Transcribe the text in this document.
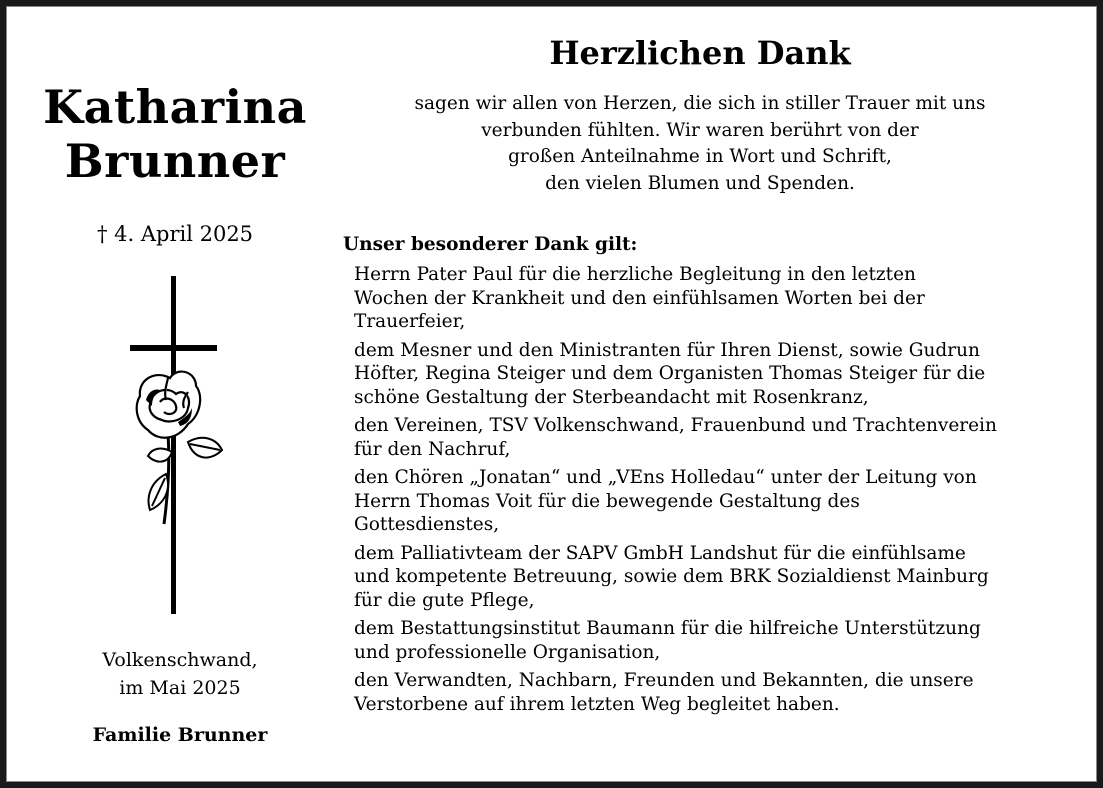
Katharina
Brunner
† 4. April 2025
Volkenschwand,
im Mai 2025
Familie Brunner
Herzlichen Dank
sagen wir allen von Herzen, die sich in stiller Trauer mit uns
verbunden fühlten. Wir waren berührt von der
großen Anteilnahme in Wort und Schrift,
den vielen Blumen und Spenden.
Unser besonderer Dank gilt:
Herrn Pater Paul für die herzliche Begleitung in den letzten
Wochen der Krankheit und den einfühlsamen Worten bei der
Trauerfeier,
dem Mesner und den Ministranten für Ihren Dienst, sowie Gudrun
Höfter, Regina Steiger und dem Organisten Thomas Steiger für die
schöne Gestaltung der Sterbeandacht mit Rosenkranz,
den Vereinen, TSV Volkenschwand, Frauenbund und Trachtenverein
für den Nachruf,
den Chören „Jonatan“ und „VEns Holledau“ unter der Leitung von
Herrn Thomas Voit für die bewegende Gestaltung des
Gottesdienstes,
dem Palliativteam der SAPV GmbH Landshut für die einfühlsame
und kompetente Betreuung, sowie dem BRK Sozialdienst Mainburg
für die gute Pflege,
dem Bestattungsinstitut Baumann für die hilfreiche Unterstützung
und professionelle Organisation,
den Verwandten, Nachbarn, Freunden und Bekannten, die unsere
Verstorbene auf ihrem letzten Weg begleitet haben.
